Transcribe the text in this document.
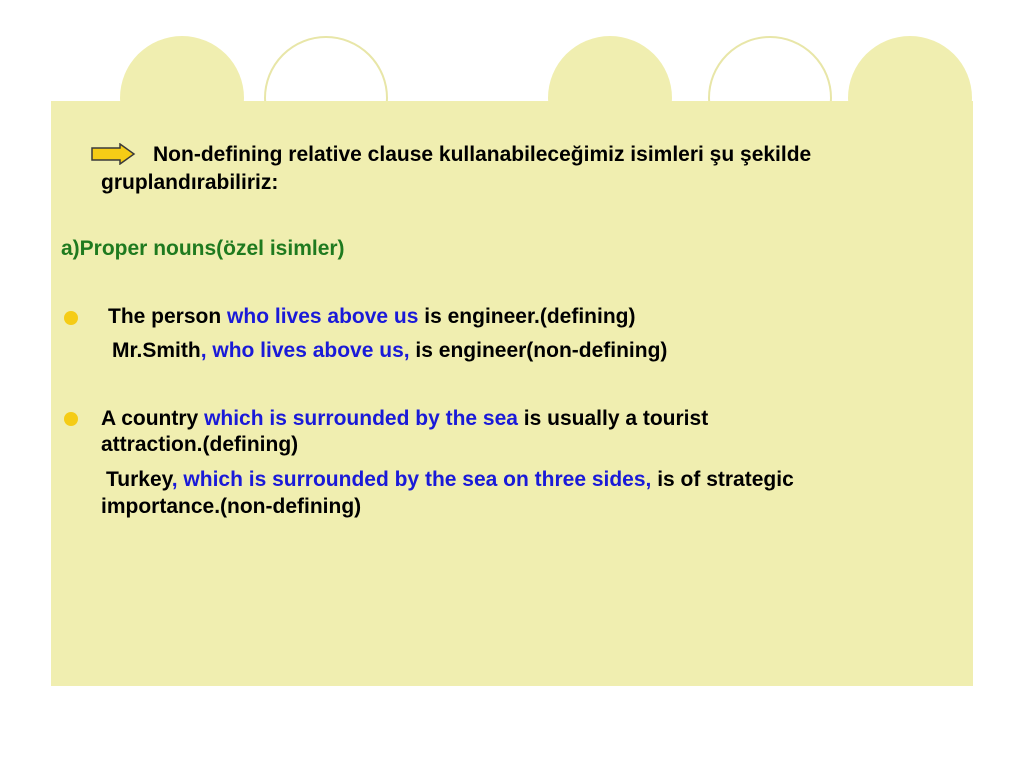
Non-defining relative clause kullanabileceğimiz isimleri şu şekilde
gruplandırabiliriz:
a)Proper nouns(özel isimler)
The person who lives above us is engineer.(defining)
Mr.Smith, who lives above us, is engineer(non-defining)
A country which is surrounded by the sea is usually a tourist
attraction.(defining)
Turkey, which is surrounded by the sea on three sides, is of strategic
importance.(non-defining)
